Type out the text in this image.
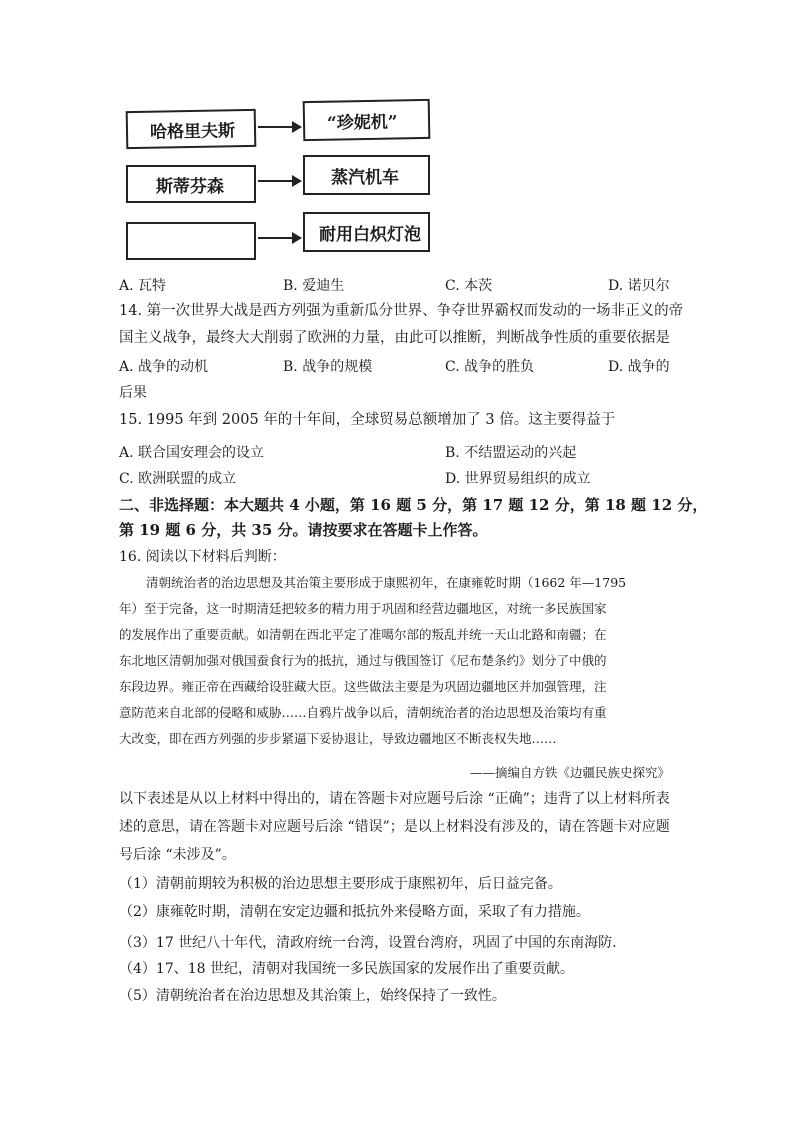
哈格里夫斯	“珍妮机”
斯蒂芬森	蒸汽机车
耐用白炽灯泡
A. 瓦特	B. 爱迪生	C. 本茨	D. 诺贝尔
14. 第一次世界大战是西方列强为重新瓜分世界、争夺世界霸权而发动的一场非正义的帝
国主义战争，最终大大削弱了欧洲的力量，由此可以推断，判断战争性质的重要依据是
A. 战争的动机	B. 战争的规模	C. 战争的胜负	D. 战争的
后果
15. 1995 年到 2005 年的十年间，全球贸易总额增加了 3 倍。这主要得益于
A. 联合国安理会的设立	B. 不结盟运动的兴起
C. 欧洲联盟的成立	D. 世界贸易组织的成立
二、非选择题：本大题共 4 小题，第 16 题 5 分，第 17 题 12 分，第 18 题 12 分，
第 19 题 6 分，共 35 分。请按要求在答题卡上作答。
16. 阅读以下材料后判断：
清朝统治者的治边思想及其治策主要形成于康熙初年，在康雍乾时期（1662 年—1795
年）至于完备，这一时期清廷把较多的精力用于巩固和经营边疆地区，对统一多民族国家
的发展作出了重要贡献。如清朝在西北平定了准噶尔部的叛乱并统一天山北路和南疆；在
东北地区清朝加强对俄国蚕食行为的抵抗，通过与俄国签订《尼布楚条约》划分了中俄的
东段边界。雍正帝在西藏给设驻藏大臣。这些做法主要是为巩固边疆地区并加强管理，注
意防范来自北部的侵略和威胁……自鸦片战争以后，清朝统治者的治边思想及治策均有重
大改变，即在西方列强的步步紧逼下妥协退让，导致边疆地区不断丧权失地……
——摘编自方铁《边疆民族史探究》
以下表述是从以上材料中得出的，请在答题卡对应题号后涂 “正确”；违背了以上材料所表
述的意思，请在答题卡对应题号后涂 “错误”；是以上材料没有涉及的，请在答题卡对应题
号后涂 “未涉及”。
（1）清朝前期较为积极的治边思想主要形成于康熙初年，后日益完备。
（2）康雍乾时期，清朝在安定边疆和抵抗外来侵略方面，采取了有力措施。
（3）17 世纪八十年代，清政府统一台湾，设置台湾府，巩固了中国的东南海防.
（4）17、18 世纪，清朝对我国统一多民族国家的发展作出了重要贡献。
（5）清朝统治者在治边思想及其治策上，始终保持了一致性。
